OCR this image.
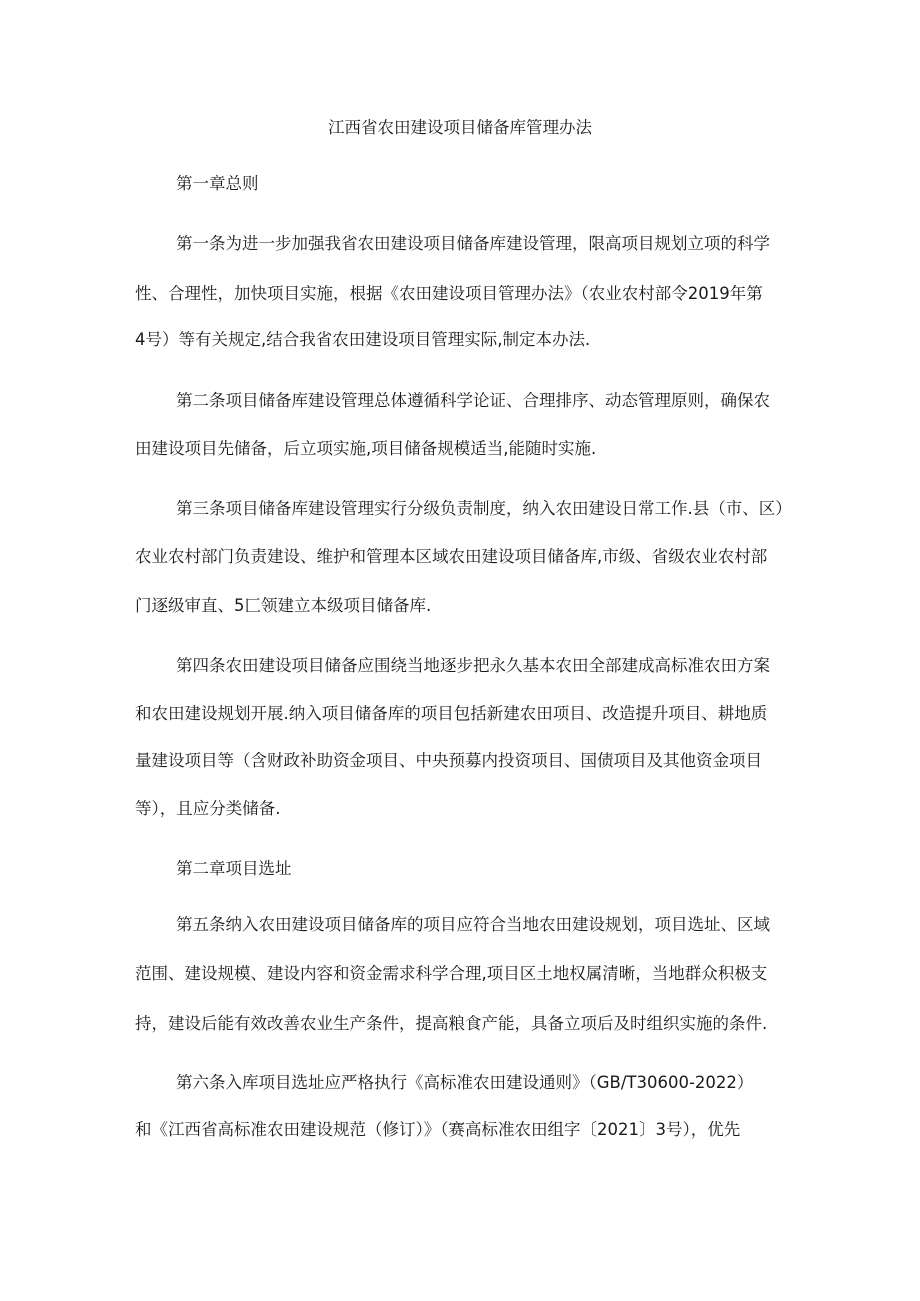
江西省农田建设项目储备库管理办法
第一章总则
第一条为进一步加强我省农田建设项目储备库建设管理，限高项目规划立项的科学
性、合理性，加快项目实施，根据《农田建设项目管理办法》（农业农村部令2019年第
4号）等有关规定,结合我省农田建设项目管理实际,制定本办法.
第二条项目储备库建设管理总体遵循科学论证、合理排序、动态管理原则，确保农
田建设项目先储备，后立项实施,项目储备规模适当,能随时实施.
第三条项目储备库建设管理实行分级负责制度，纳入农田建设日常工作.县（市、区）
农业农村部门负责建设、维护和管理本区域农田建设项目储备库,市级、省级农业农村部
门逐级审直、5匚领建立本级项目储备库.
第四条农田建设项目储备应围绕当地逐步把永久基本农田全部建成高标准农田方案
和农田建设规划开展.纳入项目储备库的项目包括新建农田项目、改造提升项目、耕地质
量建设项目等（含财政补助资金项目、中央预募内投资项目、国债项目及其他资金项目
等），且应分类储备.
第二章项目选址
第五条纳入农田建设项目储备库的项目应符合当地农田建设规划，项目选址、区域
范围、建设规模、建设内容和资金需求科学合理,项目区土地权属清晰，当地群众积极支
持，建设后能有效改善农业生产条件，提高粮食产能，具备立项后及时组织实施的条件.
第六条入库项目选址应严格执行《高标准农田建设通则》（GB/T30600-2022）
和《江西省高标准农田建设规范（修订）》（赛高标准农田组字〔2021〕3号），优先
